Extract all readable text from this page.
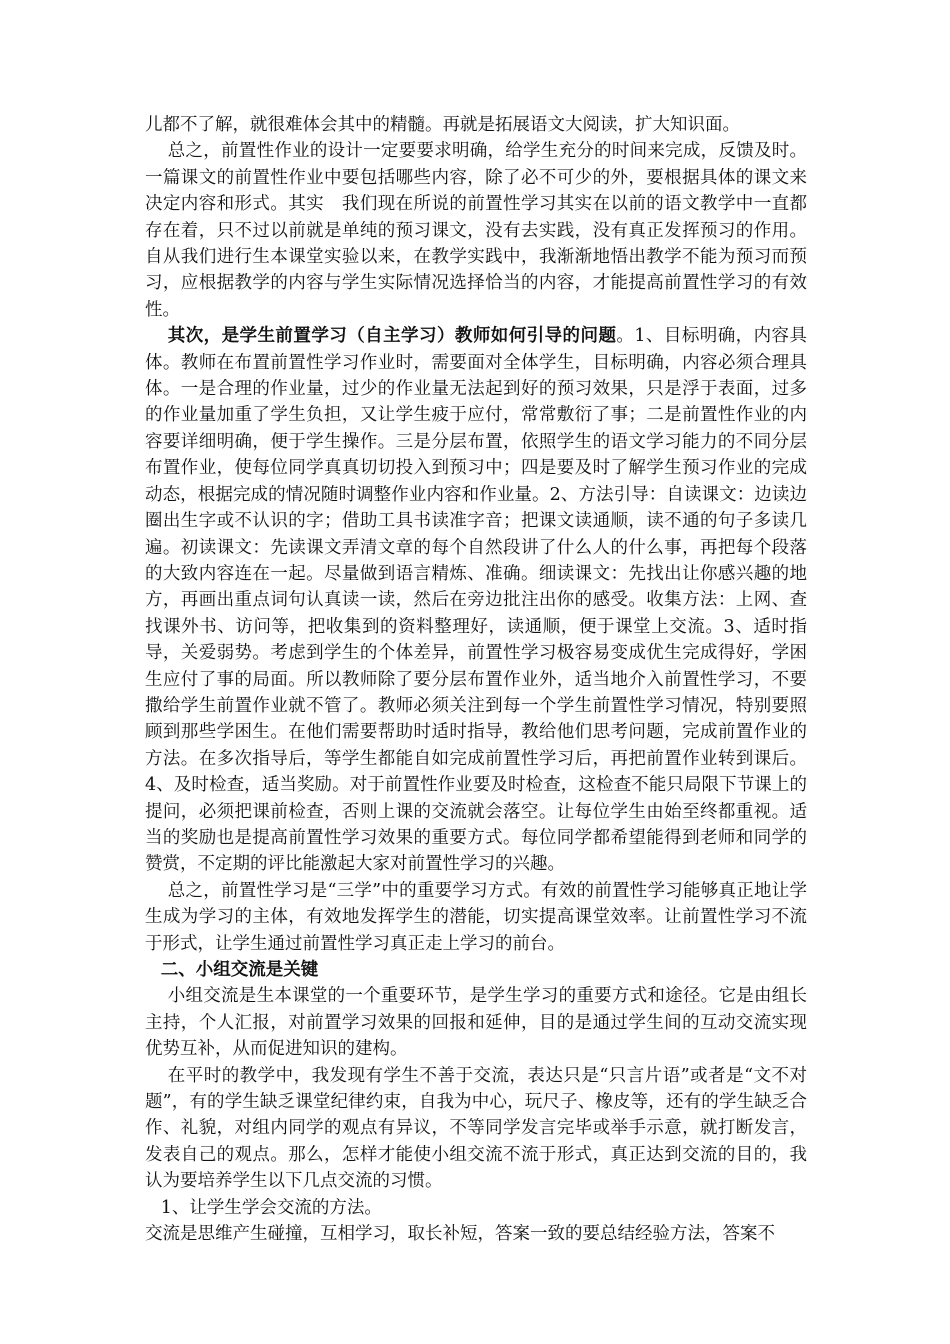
儿都不了解，就很难体会其中的精髓。再就是拓展语文大阅读，扩大知识面。

总之，前置性作业的设计一定要要求明确，给学生充分的时间来完成，反馈及时。一篇课文的前置性作业中要包括哪些内容，除了必不可少的外，要根据具体的课文来决定内容和形式。其实　我们现在所说的前置性学习其实在以前的语文教学中一直都存在着，只不过以前就是单纯的预习课文，没有去实践，没有真正发挥预习的作用。自从我们进行生本课堂实验以来，在教学实践中，我渐渐地悟出教学不能为预习而预习，应根据教学的内容与学生实际情况选择恰当的内容，才能提高前置性学习的有效性。

其次，是学生前置学习（自主学习）教师如何引导的问题。1、目标明确，内容具体。教师在布置前置性学习作业时，需要面对全体学生，目标明确，内容必须合理具体。一是合理的作业量，过少的作业量无法起到好的预习效果，只是浮于表面，过多的作业量加重了学生负担，又让学生疲于应付，常常敷衍了事；二是前置性作业的内容要详细明确，便于学生操作。三是分层布置，依照学生的语文学习能力的不同分层布置作业，使每位同学真真切切投入到预习中；四是要及时了解学生预习作业的完成动态，根据完成的情况随时调整作业内容和作业量。2、方法引导：自读课文：边读边圈出生字或不认识的字；借助工具书读准字音；把课文读通顺，读不通的句子多读几遍。初读课文：先读课文弄清文章的每个自然段讲了什么人的什么事，再把每个段落的大致内容连在一起。尽量做到语言精炼、准确。细读课文：先找出让你感兴趣的地方，再画出重点词句认真读一读，然后在旁边批注出你的感受。收集方法：上网、查找课外书、访问等，把收集到的资料整理好，读通顺，便于课堂上交流。3、适时指导，关爱弱势。考虑到学生的个体差异，前置性学习极容易变成优生完成得好，学困生应付了事的局面。所以教师除了要分层布置作业外，适当地介入前置性学习，不要撒给学生前置作业就不管了。教师必须关注到每一个学生前置性学习情况，特别要照顾到那些学困生。在他们需要帮助时适时指导，教给他们思考问题，完成前置作业的方法。在多次指导后，等学生都能自如完成前置性学习后，再把前置作业转到课后。4、及时检查，适当奖励。对于前置性作业要及时检查，这检查不能只局限下节课上的提问，必须把课前检查，否则上课的交流就会落空。让每位学生由始至终都重视。适当的奖励也是提高前置性学习效果的重要方式。每位同学都希望能得到老师和同学的赞赏，不定期的评比能激起大家对前置性学习的兴趣。

总之，前置性学习是“三学”中的重要学习方式。有效的前置性学习能够真正地让学生成为学习的主体，有效地发挥学生的潜能，切实提高课堂效率。让前置性学习不流于形式，让学生通过前置性学习真正走上学习的前台。

二、小组交流是关键

小组交流是生本课堂的一个重要环节，是学生学习的重要方式和途径。它是由组长主持，个人汇报，对前置学习效果的回报和延伸，目的是通过学生间的互动交流实现优势互补，从而促进知识的建构。

在平时的教学中，我发现有学生不善于交流，表达只是“只言片语”或者是“文不对题”，有的学生缺乏课堂纪律约束，自我为中心，玩尺子、橡皮等，还有的学生缺乏合作、礼貌，对组内同学的观点有异议，不等同学发言完毕或举手示意，就打断发言，发表自己的观点。那么，怎样才能使小组交流不流于形式，真正达到交流的目的，我认为要培养学生以下几点交流的习惯。

1、让学生学会交流的方法。

交流是思维产生碰撞，互相学习，取长补短，答案一致的要总结经验方法，答案不
